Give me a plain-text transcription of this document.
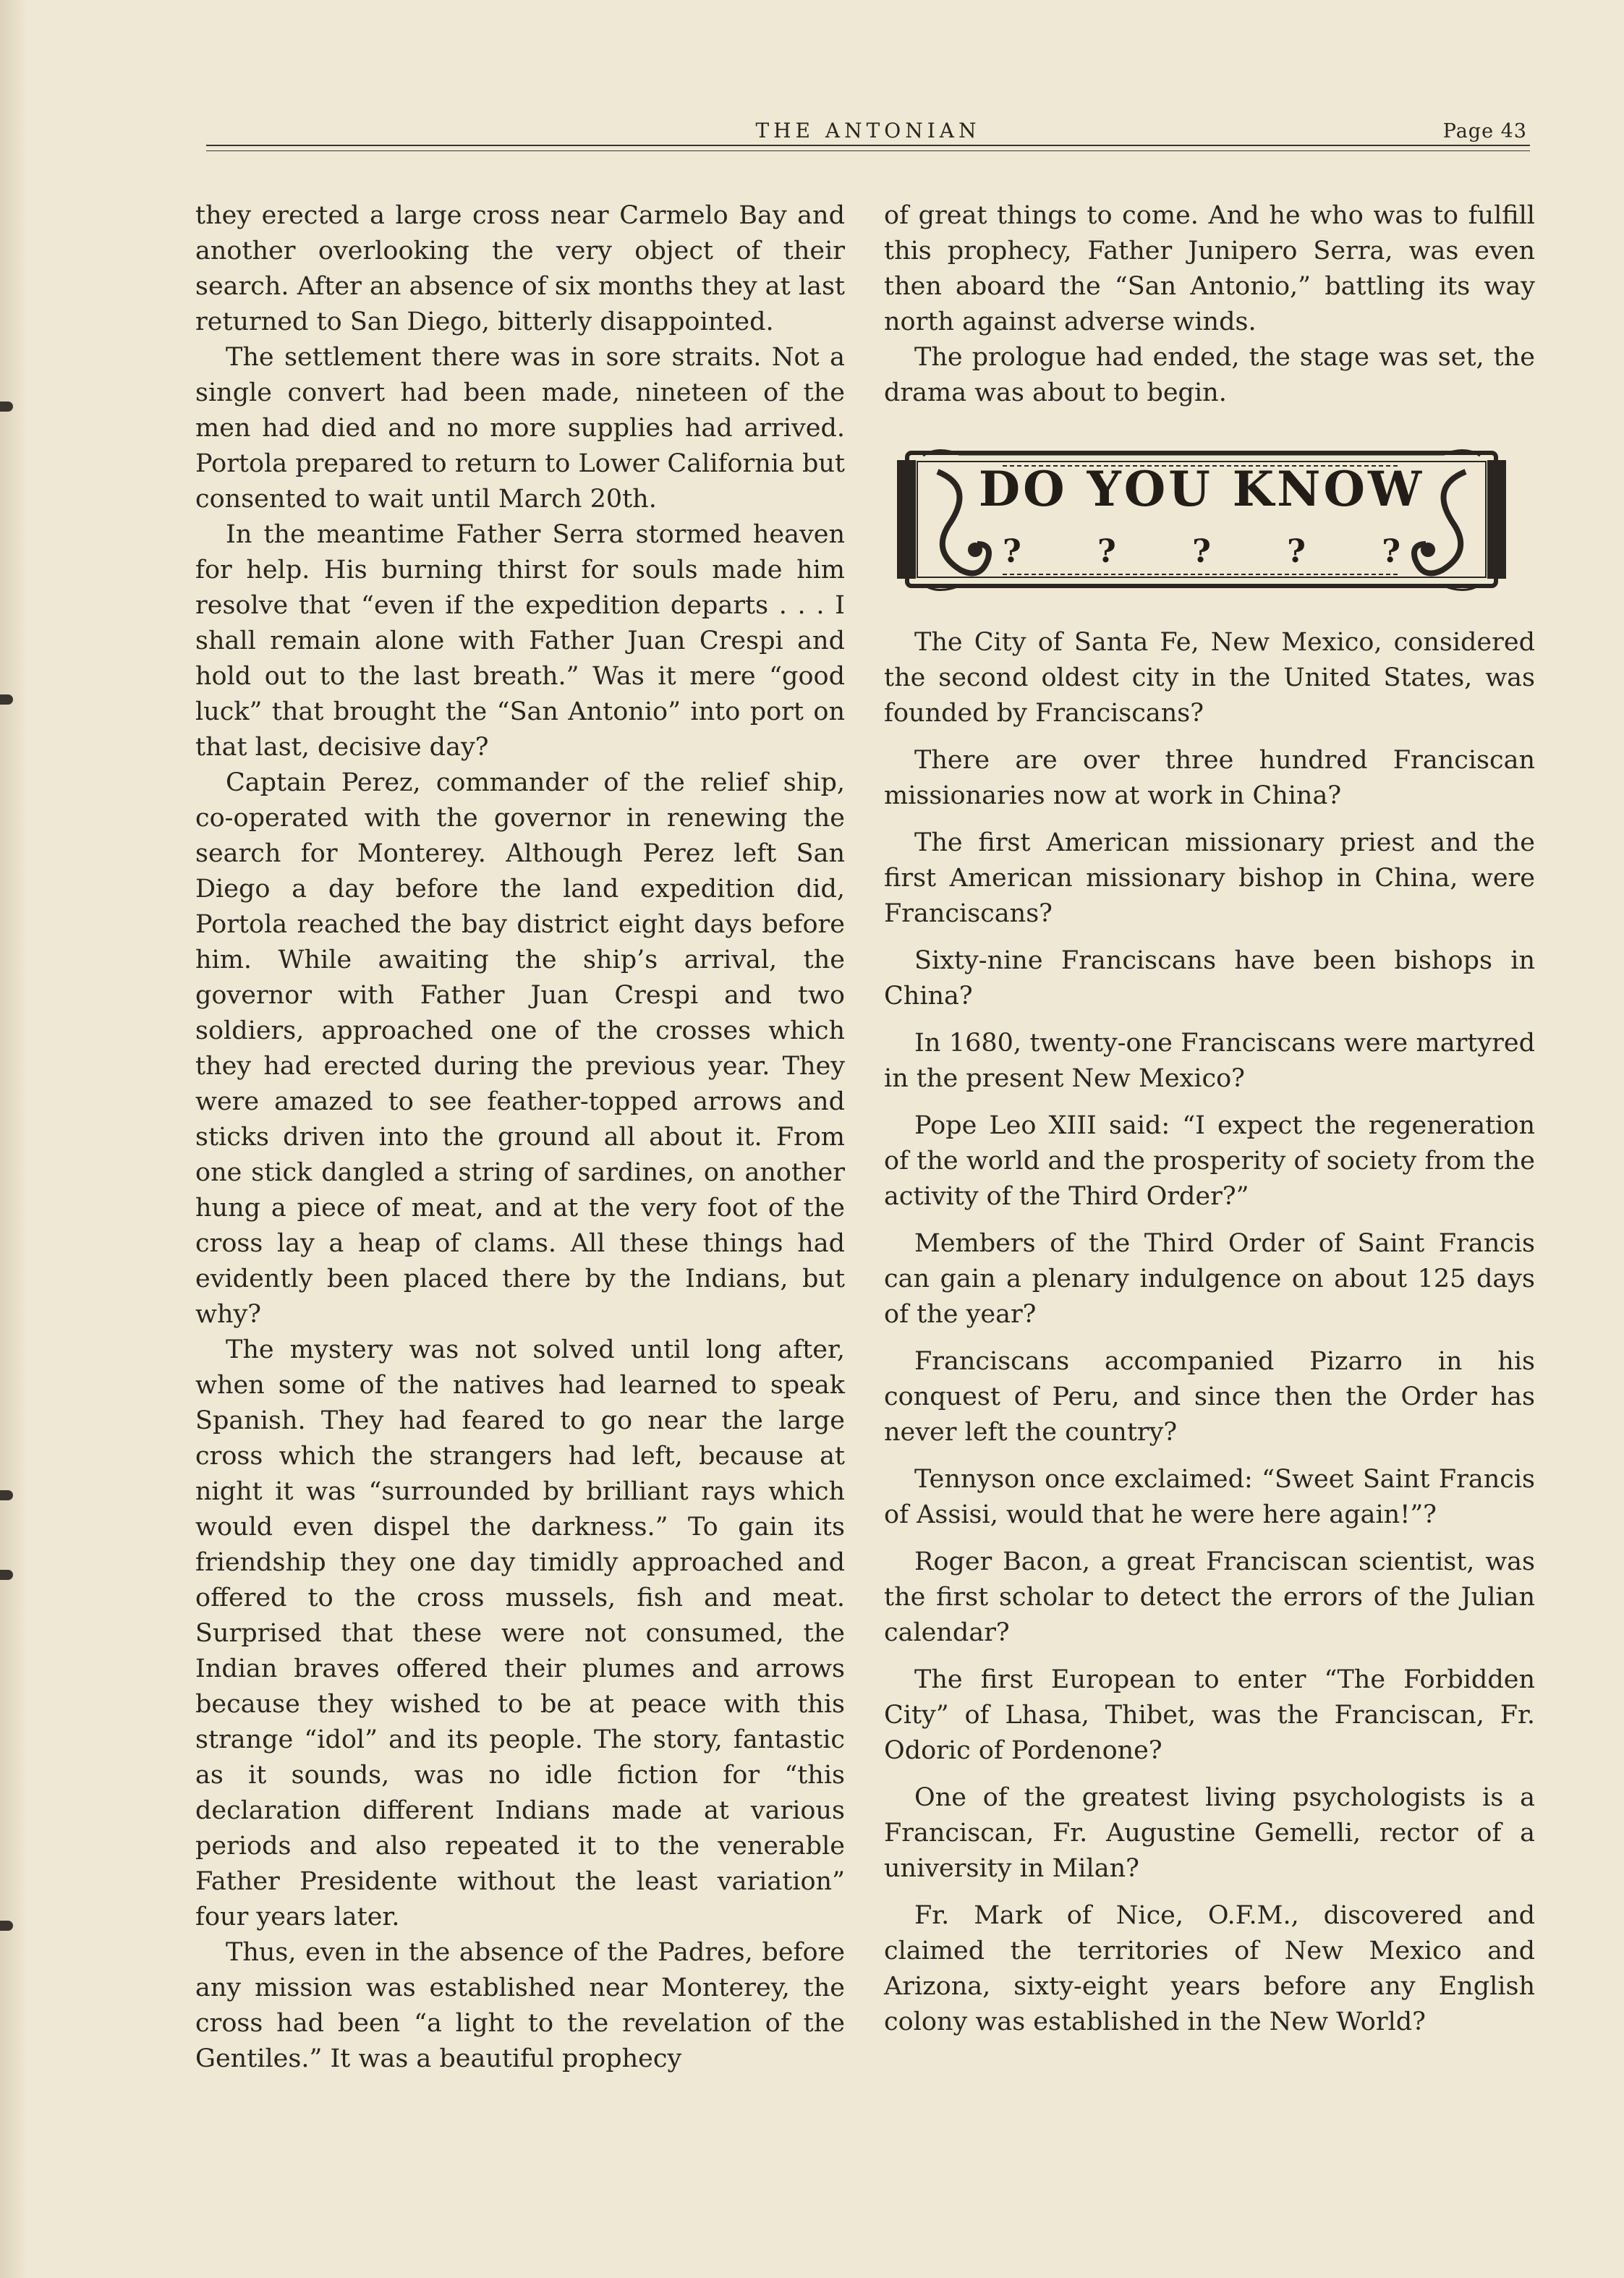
THE ANTONIAN	Page 43

they erected a large cross near Carmelo Bay and another overlooking the very object of their search. After an absence of six months they at last returned to San Diego, bitterly disappointed.

The settlement there was in sore straits. Not a single convert had been made, nineteen of the men had died and no more supplies had arrived. Portola prepared to return to Lower California but consented to wait until March 20th.

In the meantime Father Serra stormed heaven for help. His burning thirst for souls made him resolve that “even if the expedition departs . . . I shall remain alone with Father Juan Crespi and hold out to the last breath.” Was it mere “good luck” that brought the “San Antonio” into port on that last, decisive day?

Captain Perez, commander of the relief ship, co-operated with the governor in renewing the search for Monterey. Although Perez left San Diego a day before the land expedition did, Portola reached the bay district eight days before him. While awaiting the ship’s arrival, the governor with Father Juan Crespi and two soldiers, approached one of the crosses which they had erected during the previous year. They were amazed to see feather-topped arrows and sticks driven into the ground all about it. From one stick dangled a string of sardines, on another hung a piece of meat, and at the very foot of the cross lay a heap of clams. All these things had evidently been placed there by the Indians, but why?

The mystery was not solved until long after, when some of the natives had learned to speak Spanish. They had feared to go near the large cross which the strangers had left, because at night it was “surrounded by brilliant rays which would even dispel the darkness.” To gain its friendship they one day timidly approached and offered to the cross mussels, fish and meat. Surprised that these were not consumed, the Indian braves offered their plumes and arrows because they wished to be at peace with this strange “idol” and its people. The story, fantastic as it sounds, was no idle fiction for “this declaration different Indians made at various periods and also repeated it to the venerable Father Presidente without the least variation” four years later.

Thus, even in the absence of the Padres, before any mission was established near Monterey, the cross had been “a light to the revelation of the Gentiles.” It was a beautiful prophecy

of great things to come. And he who was to fulfill this prophecy, Father Junipero Serra, was even then aboard the “San Antonio,” battling its way north against adverse winds.

The prologue had ended, the stage was set, the drama was about to begin.

DO YOU KNOW
? ? ? ? ?

The City of Santa Fe, New Mexico, considered the second oldest city in the United States, was founded by Franciscans?

There are over three hundred Franciscan missionaries now at work in China?

The first American missionary priest and the first American missionary bishop in China, were Franciscans?

Sixty-nine Franciscans have been bishops in China?

In 1680, twenty-one Franciscans were martyred in the present New Mexico?

Pope Leo XIII said: “I expect the regeneration of the world and the prosperity of society from the activity of the Third Order?”

Members of the Third Order of Saint Francis can gain a plenary indulgence on about 125 days of the year?

Franciscans accompanied Pizarro in his conquest of Peru, and since then the Order has never left the country?

Tennyson once exclaimed: “Sweet Saint Francis of Assisi, would that he were here again!”?

Roger Bacon, a great Franciscan scientist, was the first scholar to detect the errors of the Julian calendar?

The first European to enter “The Forbidden City” of Lhasa, Thibet, was the Franciscan, Fr. Odoric of Pordenone?

One of the greatest living psychologists is a Franciscan, Fr. Augustine Gemelli, rector of a university in Milan?

Fr. Mark of Nice, O.F.M., discovered and claimed the territories of New Mexico and Arizona, sixty-eight years before any English colony was established in the New World?
